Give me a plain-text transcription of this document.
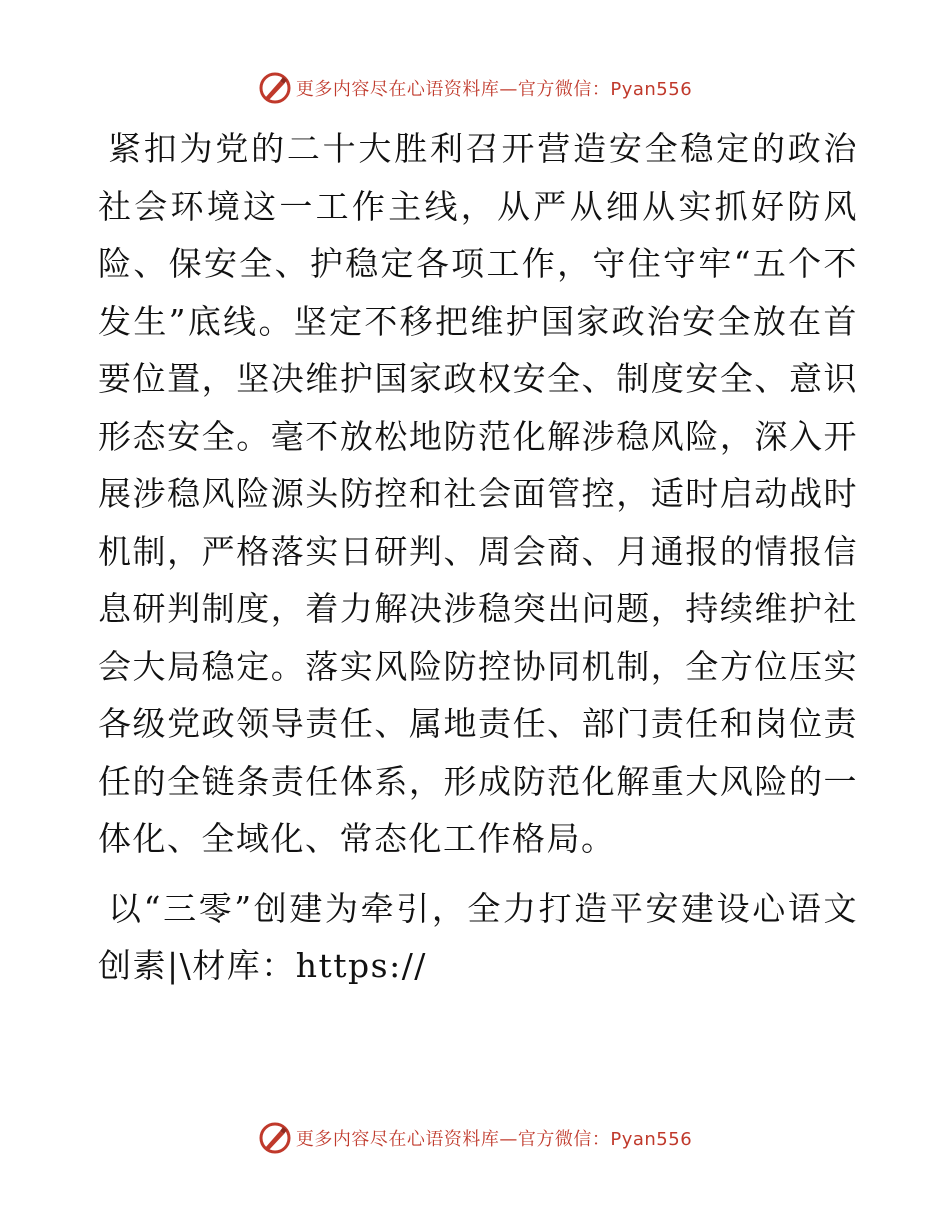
更多内容尽在心语资料库—官方微信：Pyan556

紧扣为党的二十大胜利召开营造安全稳定的政治社会环境这一工作主线，从严从细从实抓好防风险、保安全、护稳定各项工作，守住守牢“五个不发生”底线。坚定不移把维护国家政治安全放在首要位置，坚决维护国家政权安全、制度安全、意识形态安全。毫不放松地防范化解涉稳风险，深入开展涉稳风险源头防控和社会面管控，适时启动战时机制，严格落实日研判、周会商、月通报的情报信息研判制度，着力解决涉稳突出问题，持续维护社会大局稳定。落实风险防控协同机制，全方位压实各级党政领导责任、属地责任、部门责任和岗位责任的全链条责任体系，形成防范化解重大风险的一体化、全域化、常态化工作格局。

以“三零”创建为牵引，全力打造平安建设心语文创素|\材库：https://

更多内容尽在心语资料库—官方微信：Pyan556
